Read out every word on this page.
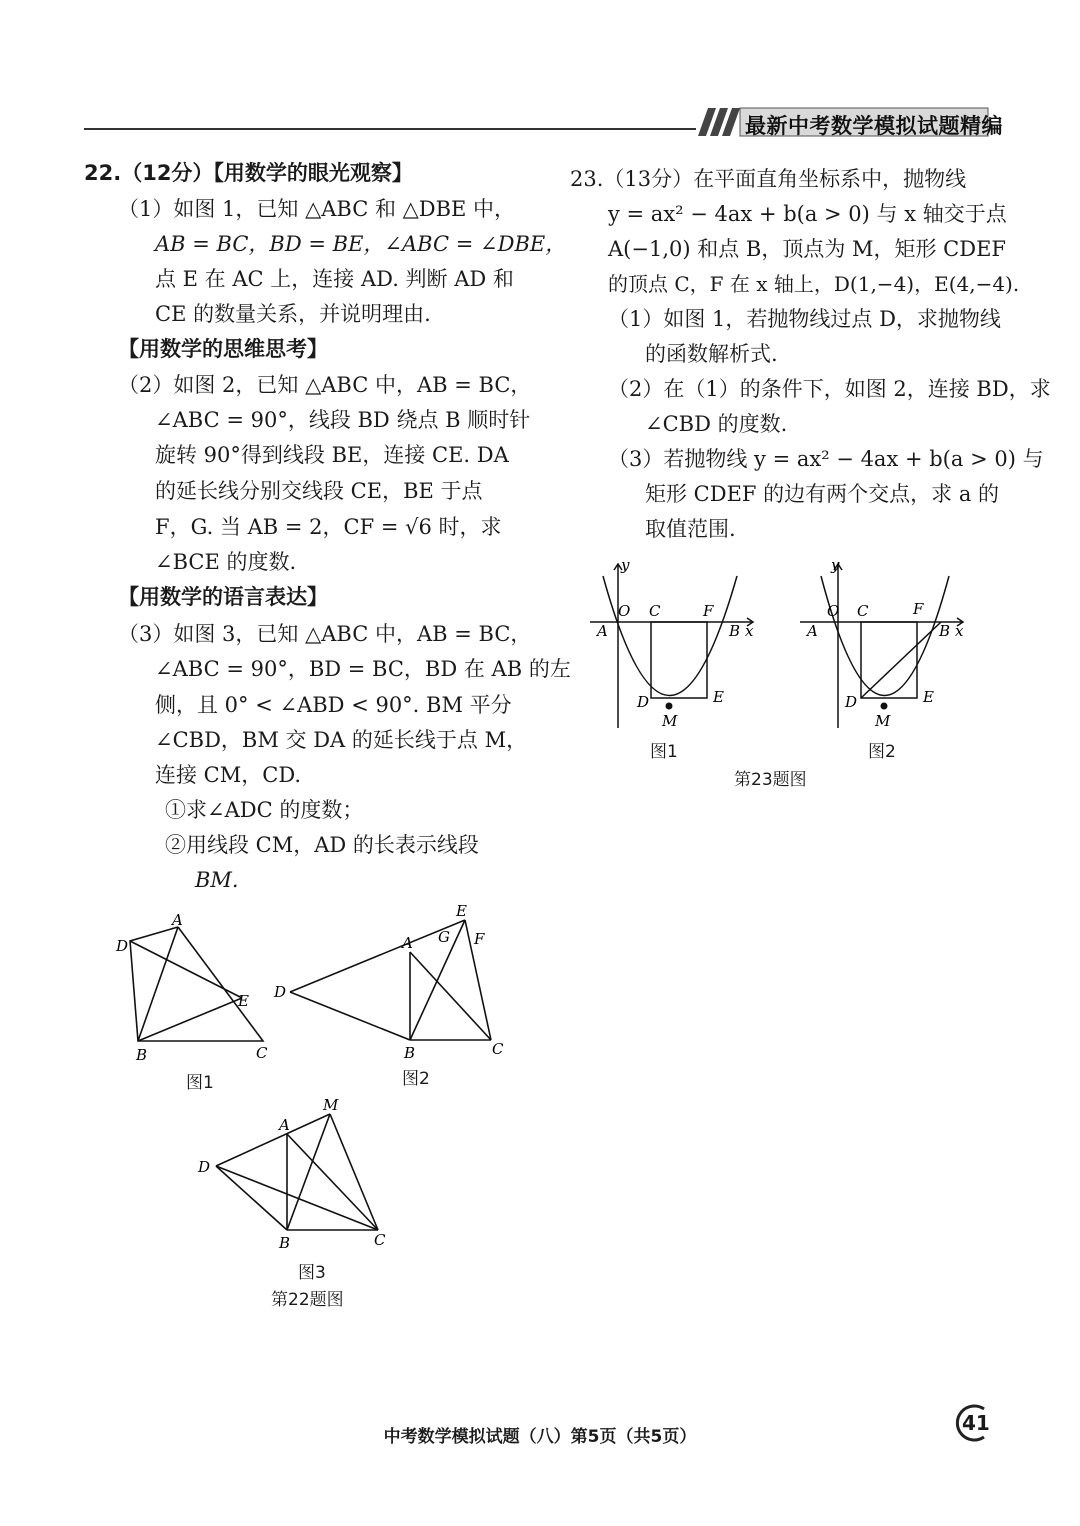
最新中考数学模拟试题精编
22.（12分）【用数学的眼光观察】
（1）如图 1，已知 △ABC 和 △DBE 中，
AB = BC，BD = BE，∠ABC = ∠DBE，
点 E 在 AC 上，连接 AD. 判断 AD 和
CE 的数量关系，并说明理由.
【用数学的思维思考】
（2）如图 2，已知 △ABC 中，AB = BC，
∠ABC = 90°，线段 BD 绕点 B 顺时针
旋转 90°得到线段 BE，连接 CE. DA
的延长线分别交线段 CE，BE 于点
F，G. 当 AB = 2，CF = √6 时，求
∠BCE 的度数.
【用数学的语言表达】
（3）如图 3，已知 △ABC 中，AB = BC，
∠ABC = 90°，BD = BC，BD 在 AB 的左
侧，且 0° < ∠ABD < 90°. BM 平分
∠CBD，BM 交 DA 的延长线于点 M，
连接 CM，CD.
①求∠ADC 的度数；
②用线段 CM，AD 的长表示线段
BM.
A
D
E
B	C
图1
D
A G
E
F
B	C
图2
D
A
M
B	C
图3
第22题图
23.（13分）在平面直角坐标系中，抛物线
y = ax² − 4ax + b(a > 0) 与 x 轴交于点
A(−1,0) 和点 B，顶点为 M，矩形 CDEF
的顶点 C，F 在 x 轴上，D(1,−4)，E(4,−4).
（1）如图 1，若抛物线过点 D，求抛物线
的函数解析式.
（2）在（1）的条件下，如图 2，连接 BD，求
∠CBD 的度数.
（3）若抛物线 y = ax² − 4ax + b(a > 0) 与
矩形 CDEF 的边有两个交点，求 a 的
取值范围.
y
x
O
A
C	F
B
D	E
M
图1
y
x
O
A
C	F
B
D	E
M
图2
第23题图
中考数学模拟试题（八）第5页（共5页）
41
